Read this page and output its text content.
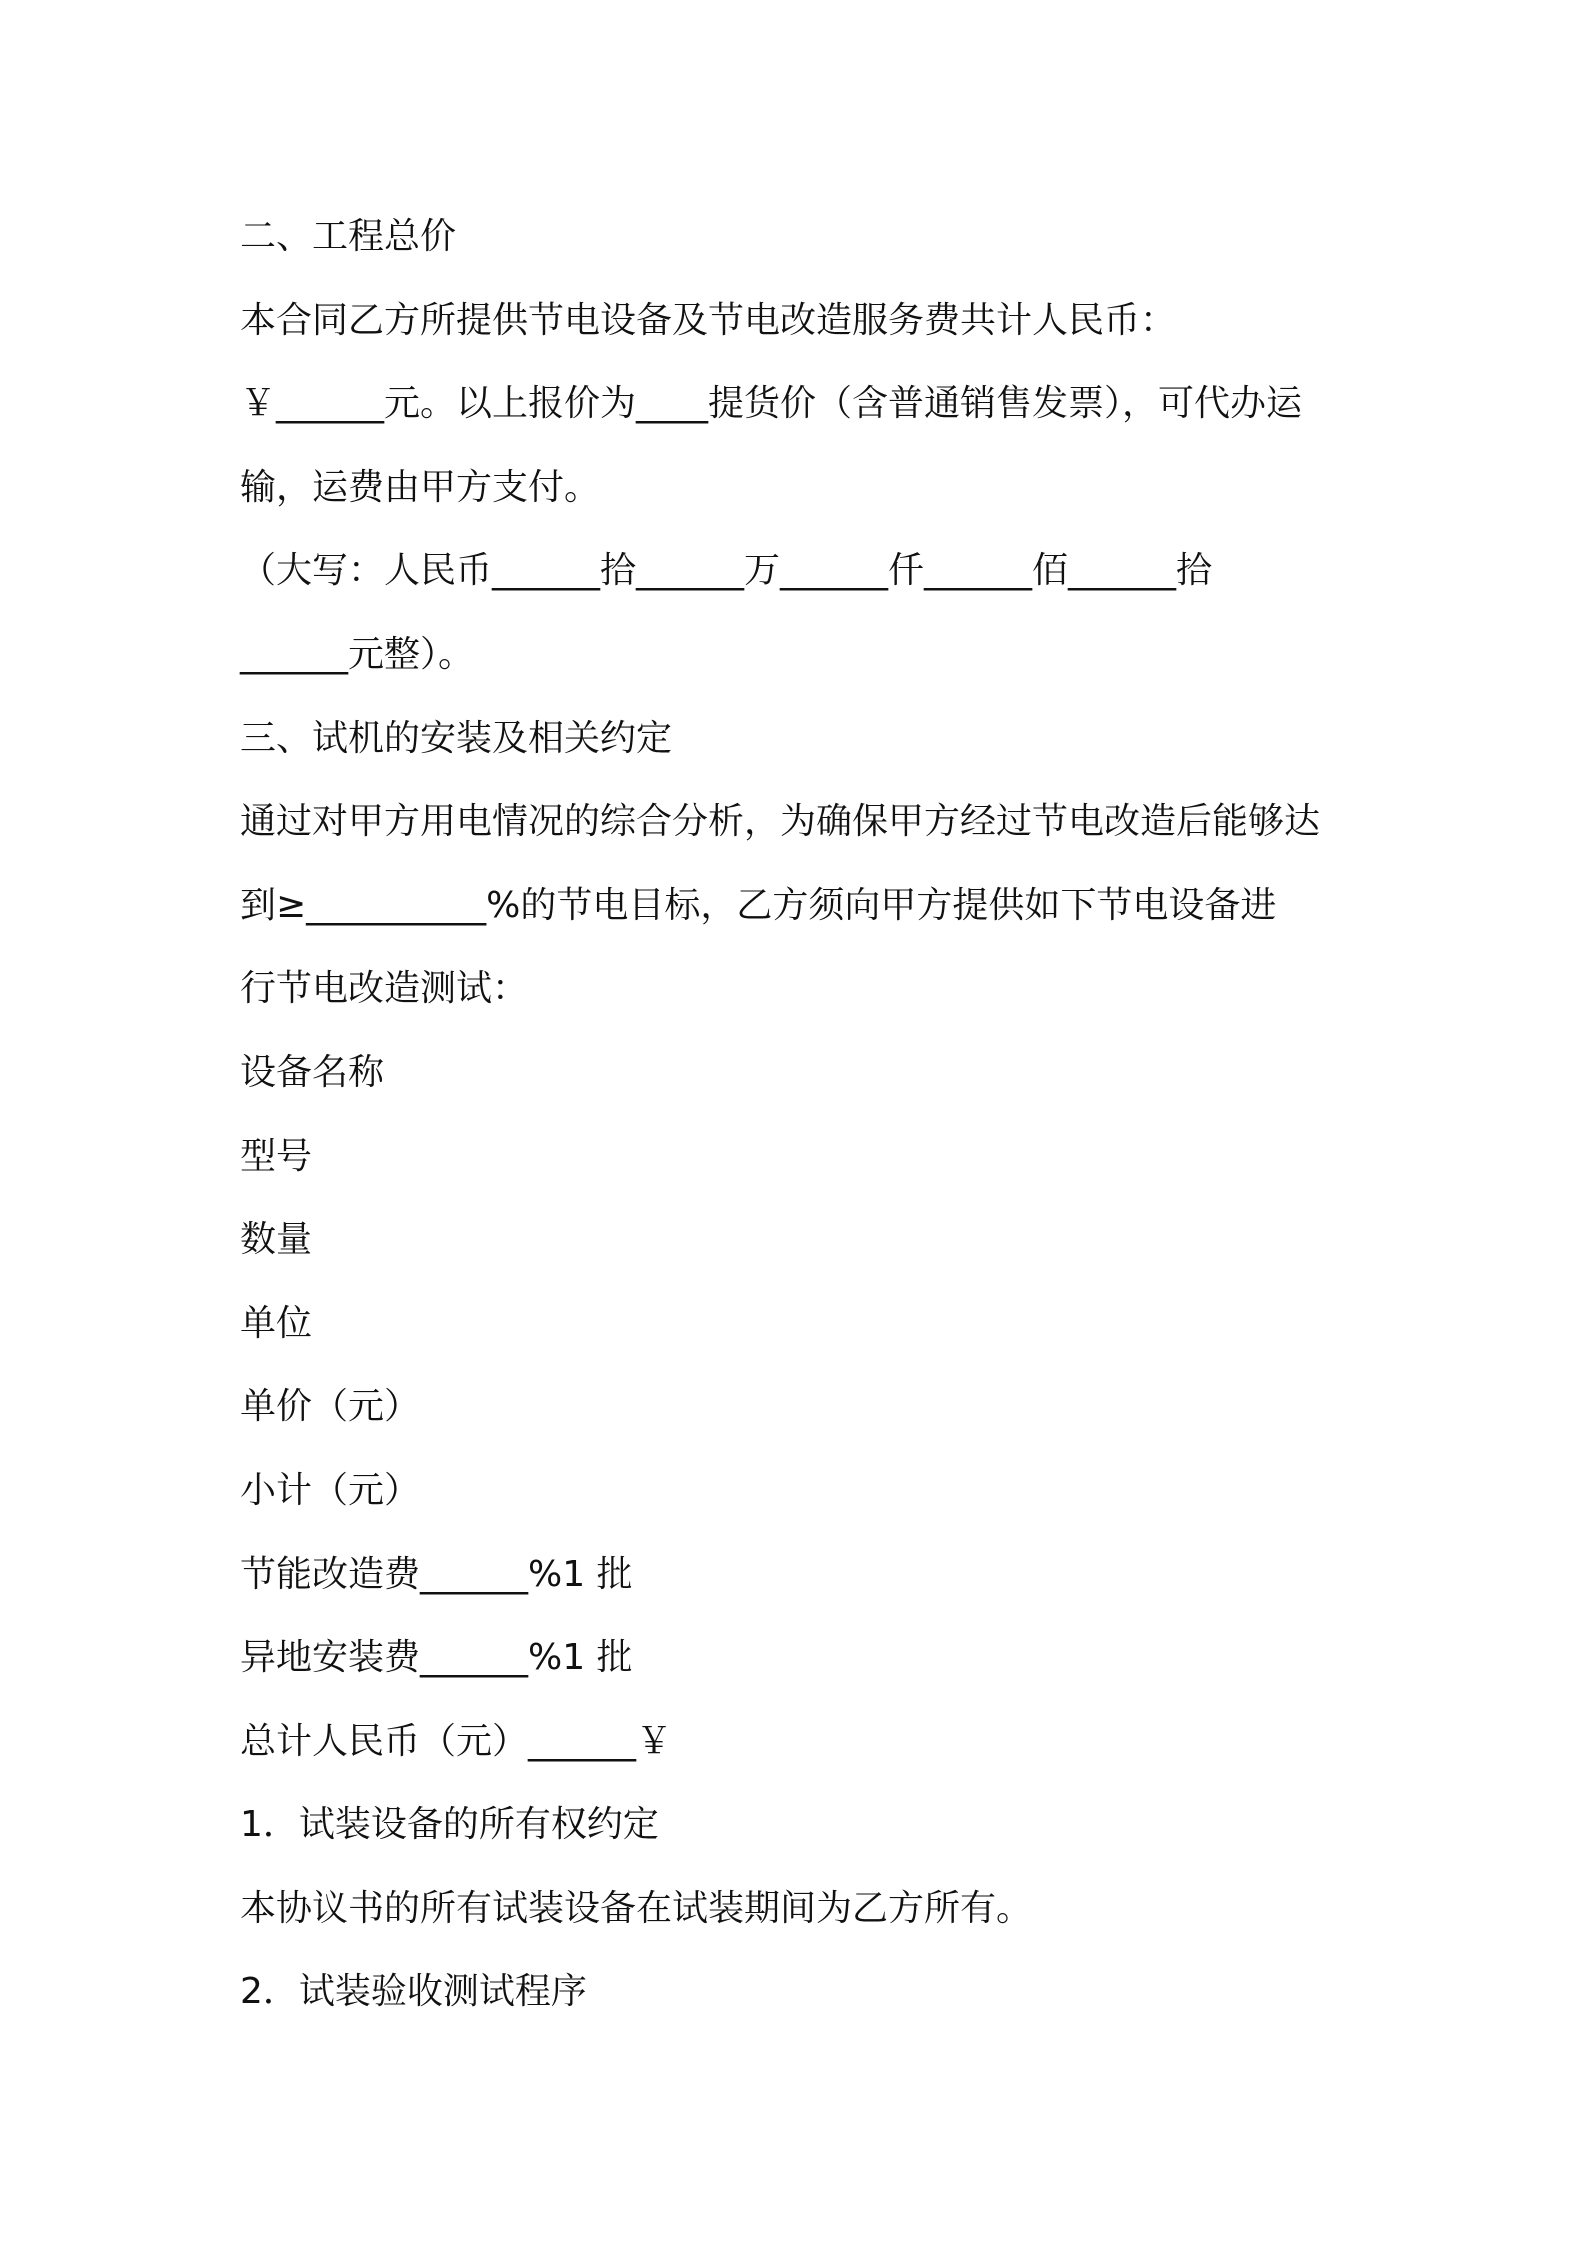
二、工程总价
本合同乙方所提供节电设备及节电改造服务费共计人民币：
￥______元。以上报价为____提货价（含普通销售发票），可代办运
输，运费由甲方支付。
（大写：人民币______拾______万______仟______佰______拾
______元整）。
三、试机的安装及相关约定
通过对甲方用电情况的综合分析，为确保甲方经过节电改造后能够达
到≥__________%的节电目标，乙方须向甲方提供如下节电设备进
行节电改造测试：
设备名称
型号
数量
单位
单价（元）
小计（元）
节能改造费______%1 批
异地安装费______%1 批
总计人民币（元）______￥
1．试装设备的所有权约定
本协议书的所有试装设备在试装期间为乙方所有。
2．试装验收测试程序
